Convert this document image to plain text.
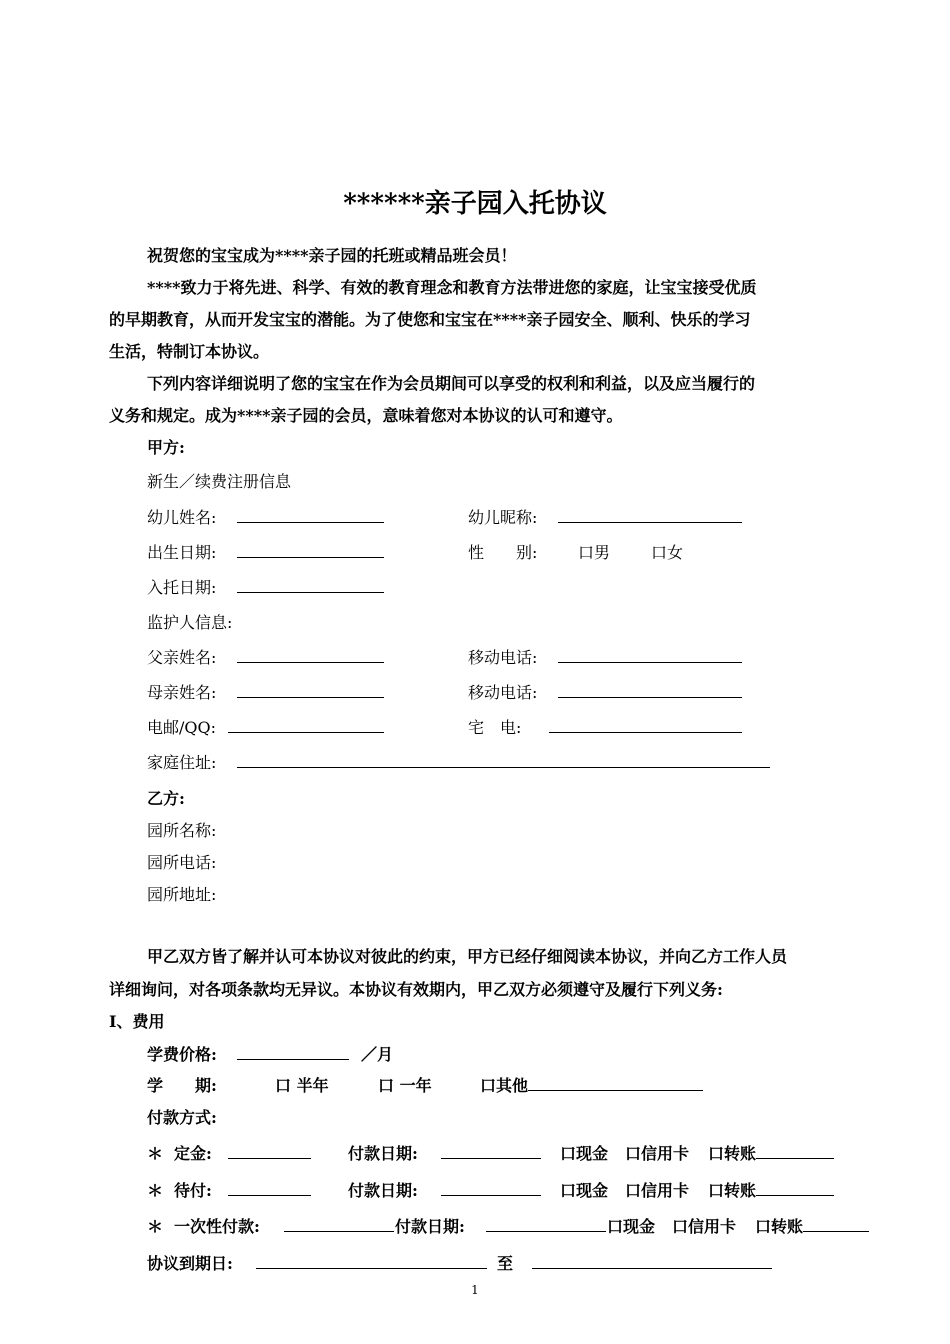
******亲子园入托协议
祝贺您的宝宝成为****亲子园的托班或精品班会员！
****致力于将先进、科学、有效的教育理念和教育方法带进您的家庭，让宝宝接受优质
的早期教育，从而开发宝宝的潜能。为了使您和宝宝在****亲子园安全、顺利、快乐的学习
生活，特制订本协议。
下列内容详细说明了您的宝宝在作为会员期间可以享受的权利和利益，以及应当履行的
义务和规定。成为****亲子园的会员，意味着您对本协议的认可和遵守。
甲方:
新生／续费注册信息
幼儿姓名:	幼儿昵称:
出生日期:	性　　别: 口	男 口	女
入托日期:
监护人信息:
父亲姓名:	移动电话:
母亲姓名:	移动电话:
电邮/QQ:	宅　电:
家庭住址:
乙方:
园所名称:
园所电话:
园所地址:
甲乙双方皆了解并认可本协议对彼此的约束，甲方已经仔细阅读本协议，并向乙方工作人员
详细询问，对各项条款均无异议。本协议有效期内，甲乙双方必须遵守及履行下列义务:
Ⅰ、费用
学费价格:	／月
学　　期: 口	半年 口	一年 口	其他
付款方式:
＊ 定金:	付款日期: 口	现金 口	信用卡 口	转账
＊ 待付:	付款日期: 口	现金 口	信用卡 口	转账
＊ 一次性付款:	付款日期: 口	现金 口	信用卡 口	转账
协议到期日:	至
1
